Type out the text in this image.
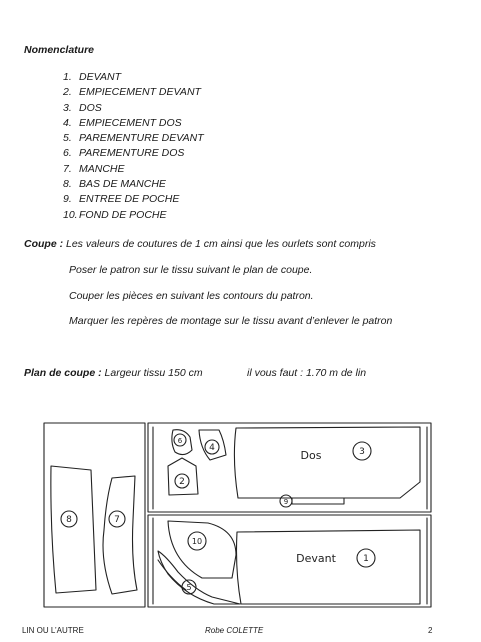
Nomenclature
1. DEVANT
2. EMPIECEMENT DEVANT
3. DOS
4. EMPIECEMENT DOS
5. PAREMENTURE DEVANT
6. PAREMENTURE DOS
7. MANCHE
8. BAS DE MANCHE
9. ENTREE DE POCHE
10. FOND DE POCHE
Coupe : Les valeurs de coutures de 1 cm ainsi que les ourlets sont compris
Poser le patron sur le tissu suivant le plan de coupe.
Couper les pièces en suivant les contours du patron.
Marquer les repères de montage sur le tissu avant d’enlever le patron
Plan de coupe : Largeur tissu 150 cm	il vous faut : 1.70 m de lin
8	7
6
4
2
3
9
10
5
1
Dos
Devant
LIN OU L’AUTRE	Robe COLETTE	2
